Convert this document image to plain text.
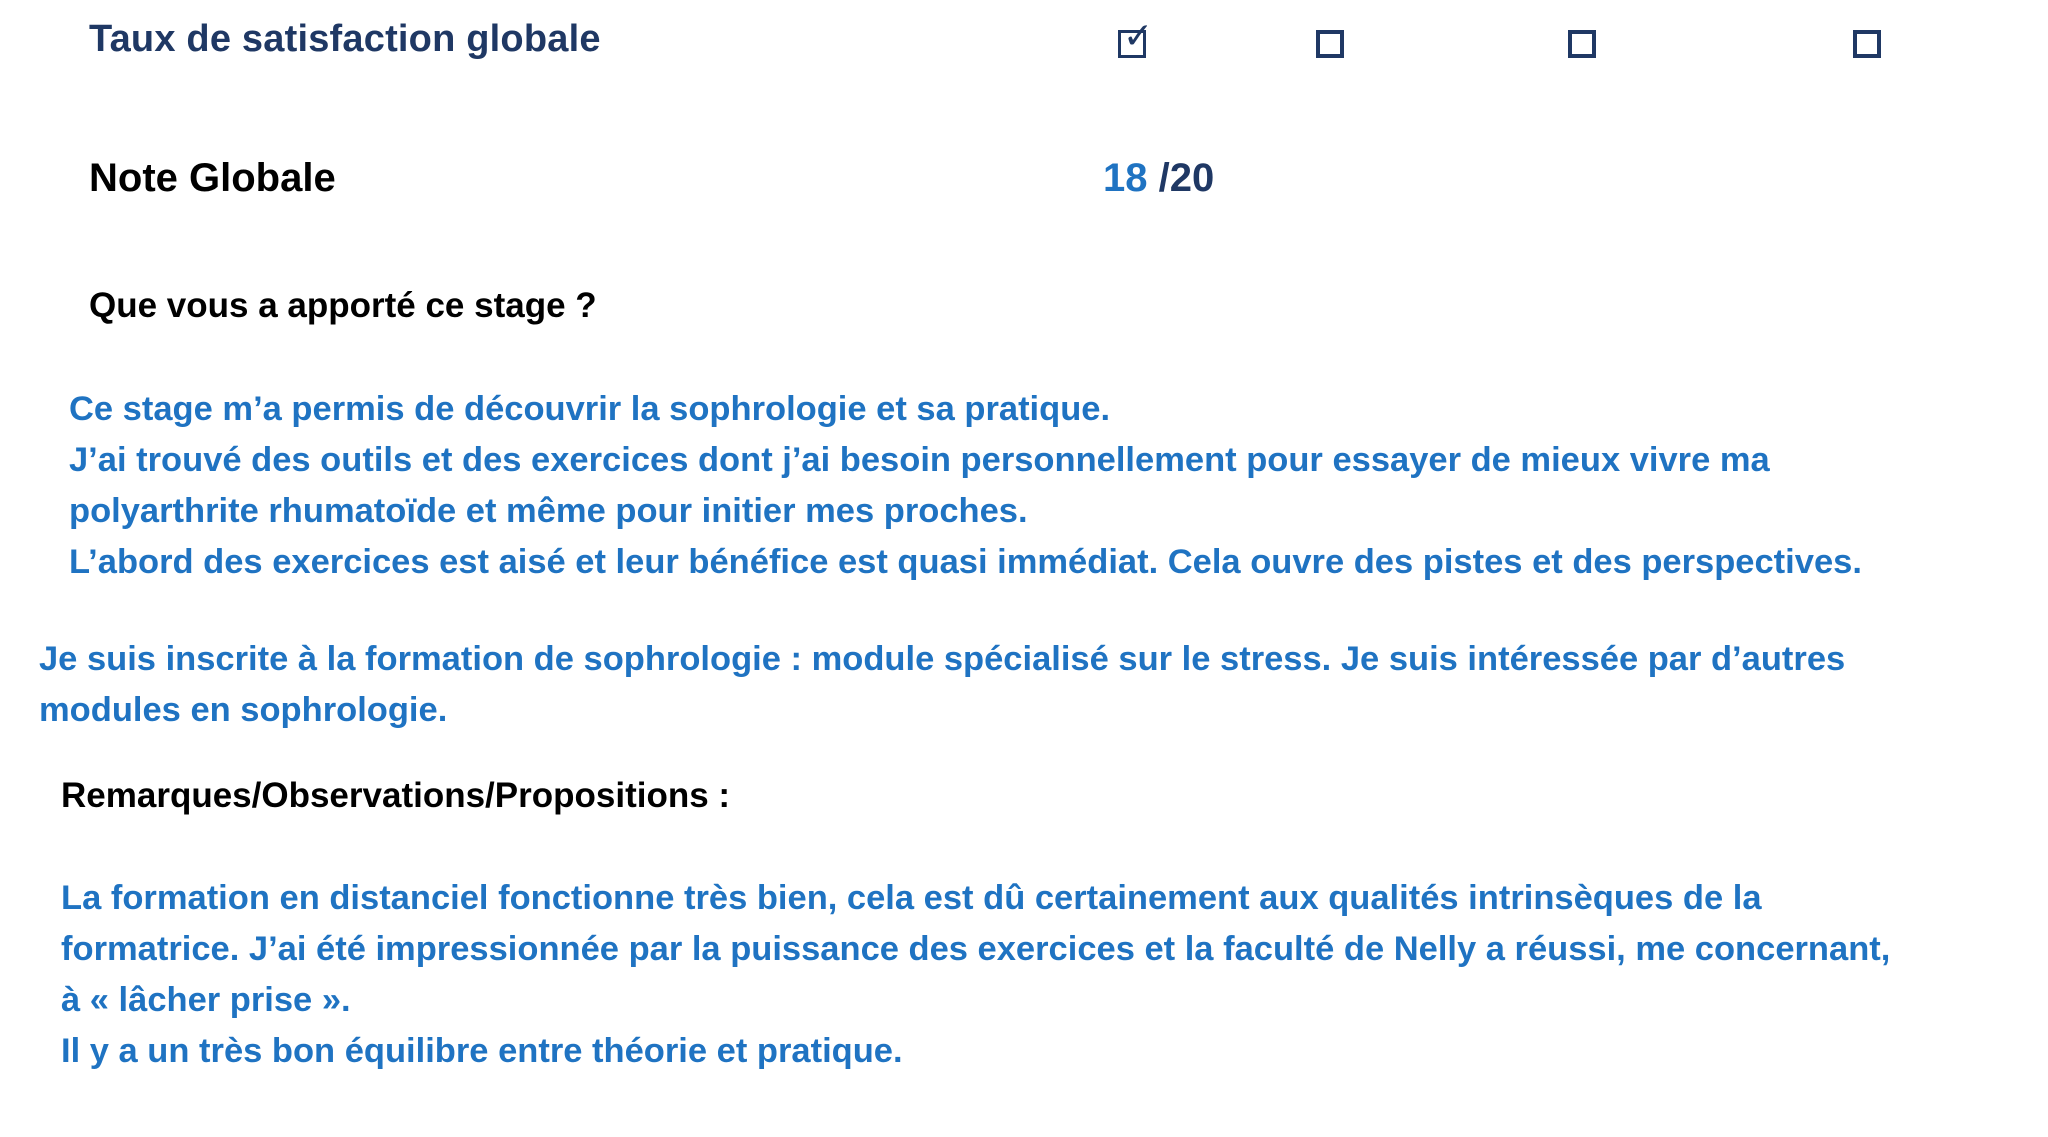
Taux de satisfaction globale	✓
Note Globale	18 /20
Que vous a apporté ce stage ?
Ce stage m’a permis de découvrir la sophrologie et sa pratique.
J’ai trouvé des outils et des exercices dont j’ai besoin personnellement pour essayer de mieux vivre ma
polyarthrite rhumatoïde et même pour initier mes proches.
L’abord des exercices est aisé et leur bénéfice est quasi immédiat. Cela ouvre des pistes et des perspectives.
Je suis inscrite à la formation de sophrologie : module spécialisé sur le stress. Je suis intéressée par d’autres
modules en sophrologie.
Remarques/Observations/Propositions :
La formation en distanciel fonctionne très bien, cela est dû certainement aux qualités intrinsèques de la
formatrice. J’ai été impressionnée par la puissance des exercices et la faculté de Nelly a réussi, me concernant,
à « lâcher prise ».
Il y a un très bon équilibre entre théorie et pratique.
